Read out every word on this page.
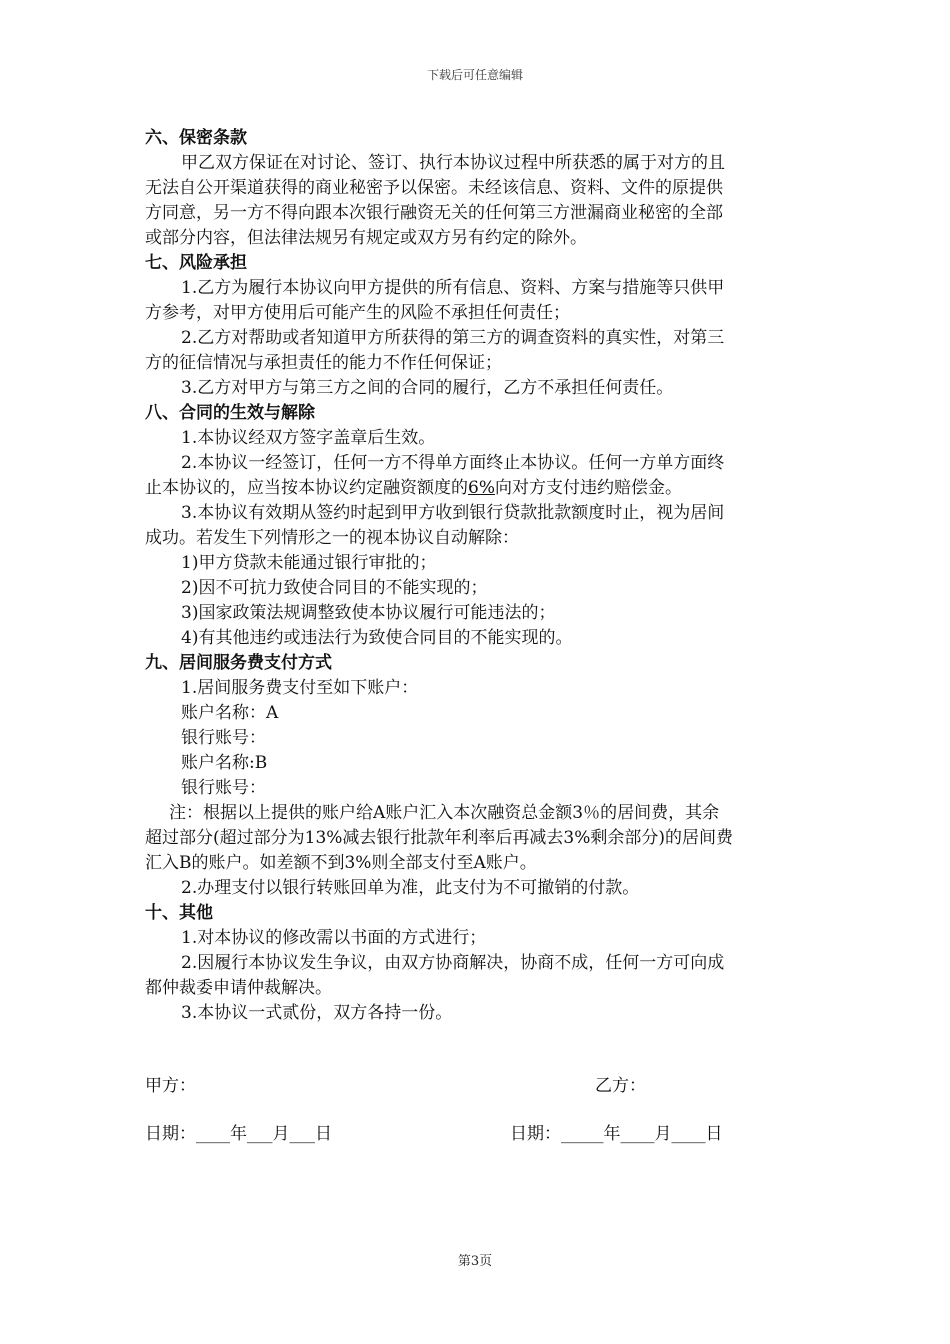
下载后可任意编辑
六、保密条款
甲乙双方保证在对讨论、签订、执行本协议过程中所获悉的属于对方的且
无法自公开渠道获得的商业秘密予以保密。未经该信息、资料、文件的原提供
方同意，另一方不得向跟本次银行融资无关的任何第三方泄漏商业秘密的全部
或部分内容，但法律法规另有规定或双方另有约定的除外。
七、风险承担
1.乙方为履行本协议向甲方提供的所有信息、资料、方案与措施等只供甲
方参考，对甲方使用后可能产生的风险不承担任何责任；
2.乙方对帮助或者知道甲方所获得的第三方的调查资料的真实性，对第三
方的征信情况与承担责任的能力不作任何保证；
3.乙方对甲方与第三方之间的合同的履行，乙方不承担任何责任。
八、合同的生效与解除
1.本协议经双方签字盖章后生效。
2.本协议一经签订，任何一方不得单方面终止本协议。任何一方单方面终
止本协议的，应当按本协议约定融资额度的6%向对方支付违约赔偿金。
3.本协议有效期从签约时起到甲方收到银行贷款批款额度时止，视为居间
成功。若发生下列情形之一的视本协议自动解除：
1)甲方贷款未能通过银行审批的；
2)因不可抗力致使合同目的不能实现的；
3)国家政策法规调整致使本协议履行可能违法的；
4)有其他违约或违法行为致使合同目的不能实现的。
九、居间服务费支付方式
1.居间服务费支付至如下账户：
账户名称：A
银行账号：
账户名称:B
银行账号：
注：根据以上提供的账户给A账户汇入本次融资总金额3％的居间费，其余
超过部分(超过部分为13%减去银行批款年利率后再减去3%剩余部分)的居间费
汇入B的账户。如差额不到3%则全部支付至A账户。
2.办理支付以银行转账回单为准，此支付为不可撤销的付款。
十、其他
1.对本协议的修改需以书面的方式进行；
2.因履行本协议发生争议，由双方协商解决，协商不成，任何一方可向成
都仲裁委申请仲裁解决。
3.本协议一式贰份，双方各持一份。
甲方：	乙方：
日期：____年___月___日	日期：_____年____月____日
第3页
